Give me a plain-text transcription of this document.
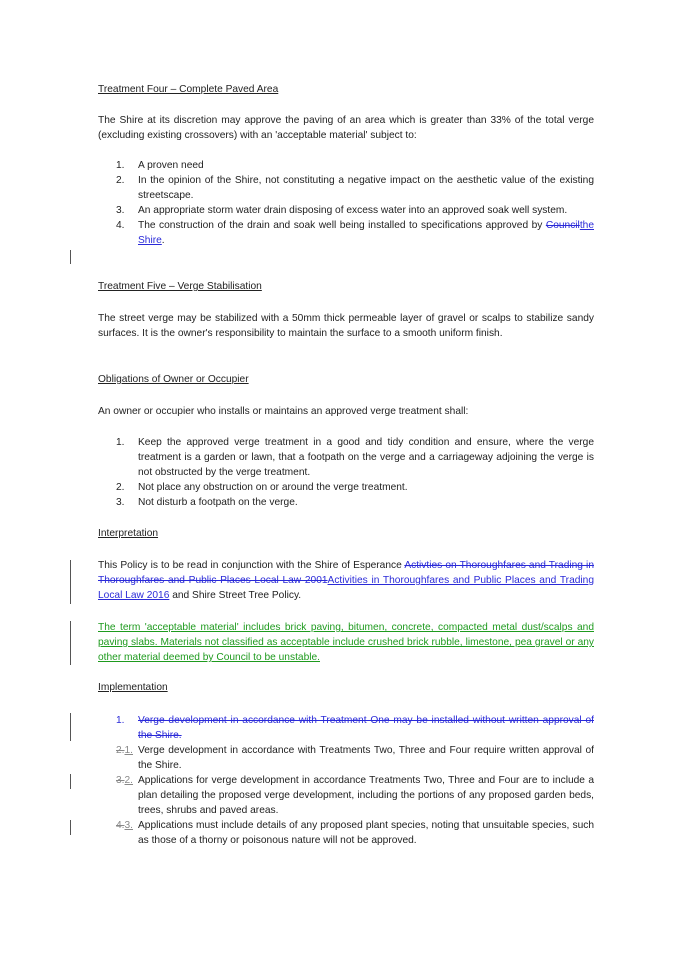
Treatment Four – Complete Paved Area
The Shire at its discretion may approve the paving of an area which is greater than 33% of the total verge (excluding existing crossovers) with an 'acceptable material' subject to:
1. A proven need
2. In the opinion of the Shire, not constituting a negative impact on the aesthetic value of the existing streetscape.
3. An appropriate storm water drain disposing of excess water into an approved soak well system.
4. The construction of the drain and soak well being installed to specifications approved by Councilthe Shire.
Treatment Five – Verge Stabilisation
The street verge may be stabilized with a 50mm thick permeable layer of gravel or scalps to stabilize sandy surfaces. It is the owner's responsibility to maintain the surface to a smooth uniform finish.
Obligations of Owner or Occupier
An owner or occupier who installs or maintains an approved verge treatment shall:
1. Keep the approved verge treatment in a good and tidy condition and ensure, where the verge treatment is a garden or lawn, that a footpath on the verge and a carriageway adjoining the verge is not obstructed by the verge treatment.
2. Not place any obstruction on or around the verge treatment.
3. Not disturb a footpath on the verge.
Interpretation
This Policy is to be read in conjunction with the Shire of Esperance Activties on Thoroughfares and Trading in Thoroughfares and Public Places Local Law 2001Activities in Thoroughfares and Public Places and Trading Local Law 2016 and Shire Street Tree Policy.
The term 'acceptable material' includes brick paving, bitumen, concrete, compacted metal dust/scalps and paving slabs. Materials not classified as acceptable include crushed brick rubble, limestone, pea gravel or any other material deemed by Council to be unstable.
Implementation
1. Verge development in accordance with Treatment One may be installed without written approval of the Shire.
2.1. Verge development in accordance with Treatments Two, Three and Four require written approval of the Shire.
3.2. Applications for verge development in accordance Treatments Two, Three and Four are to include a plan detailing the proposed verge development, including the portions of any proposed garden beds, trees, shrubs and paved areas.
4.3. Applications must include details of any proposed plant species, noting that unsuitable species, such as those of a thorny or poisonous nature will not be approved.
